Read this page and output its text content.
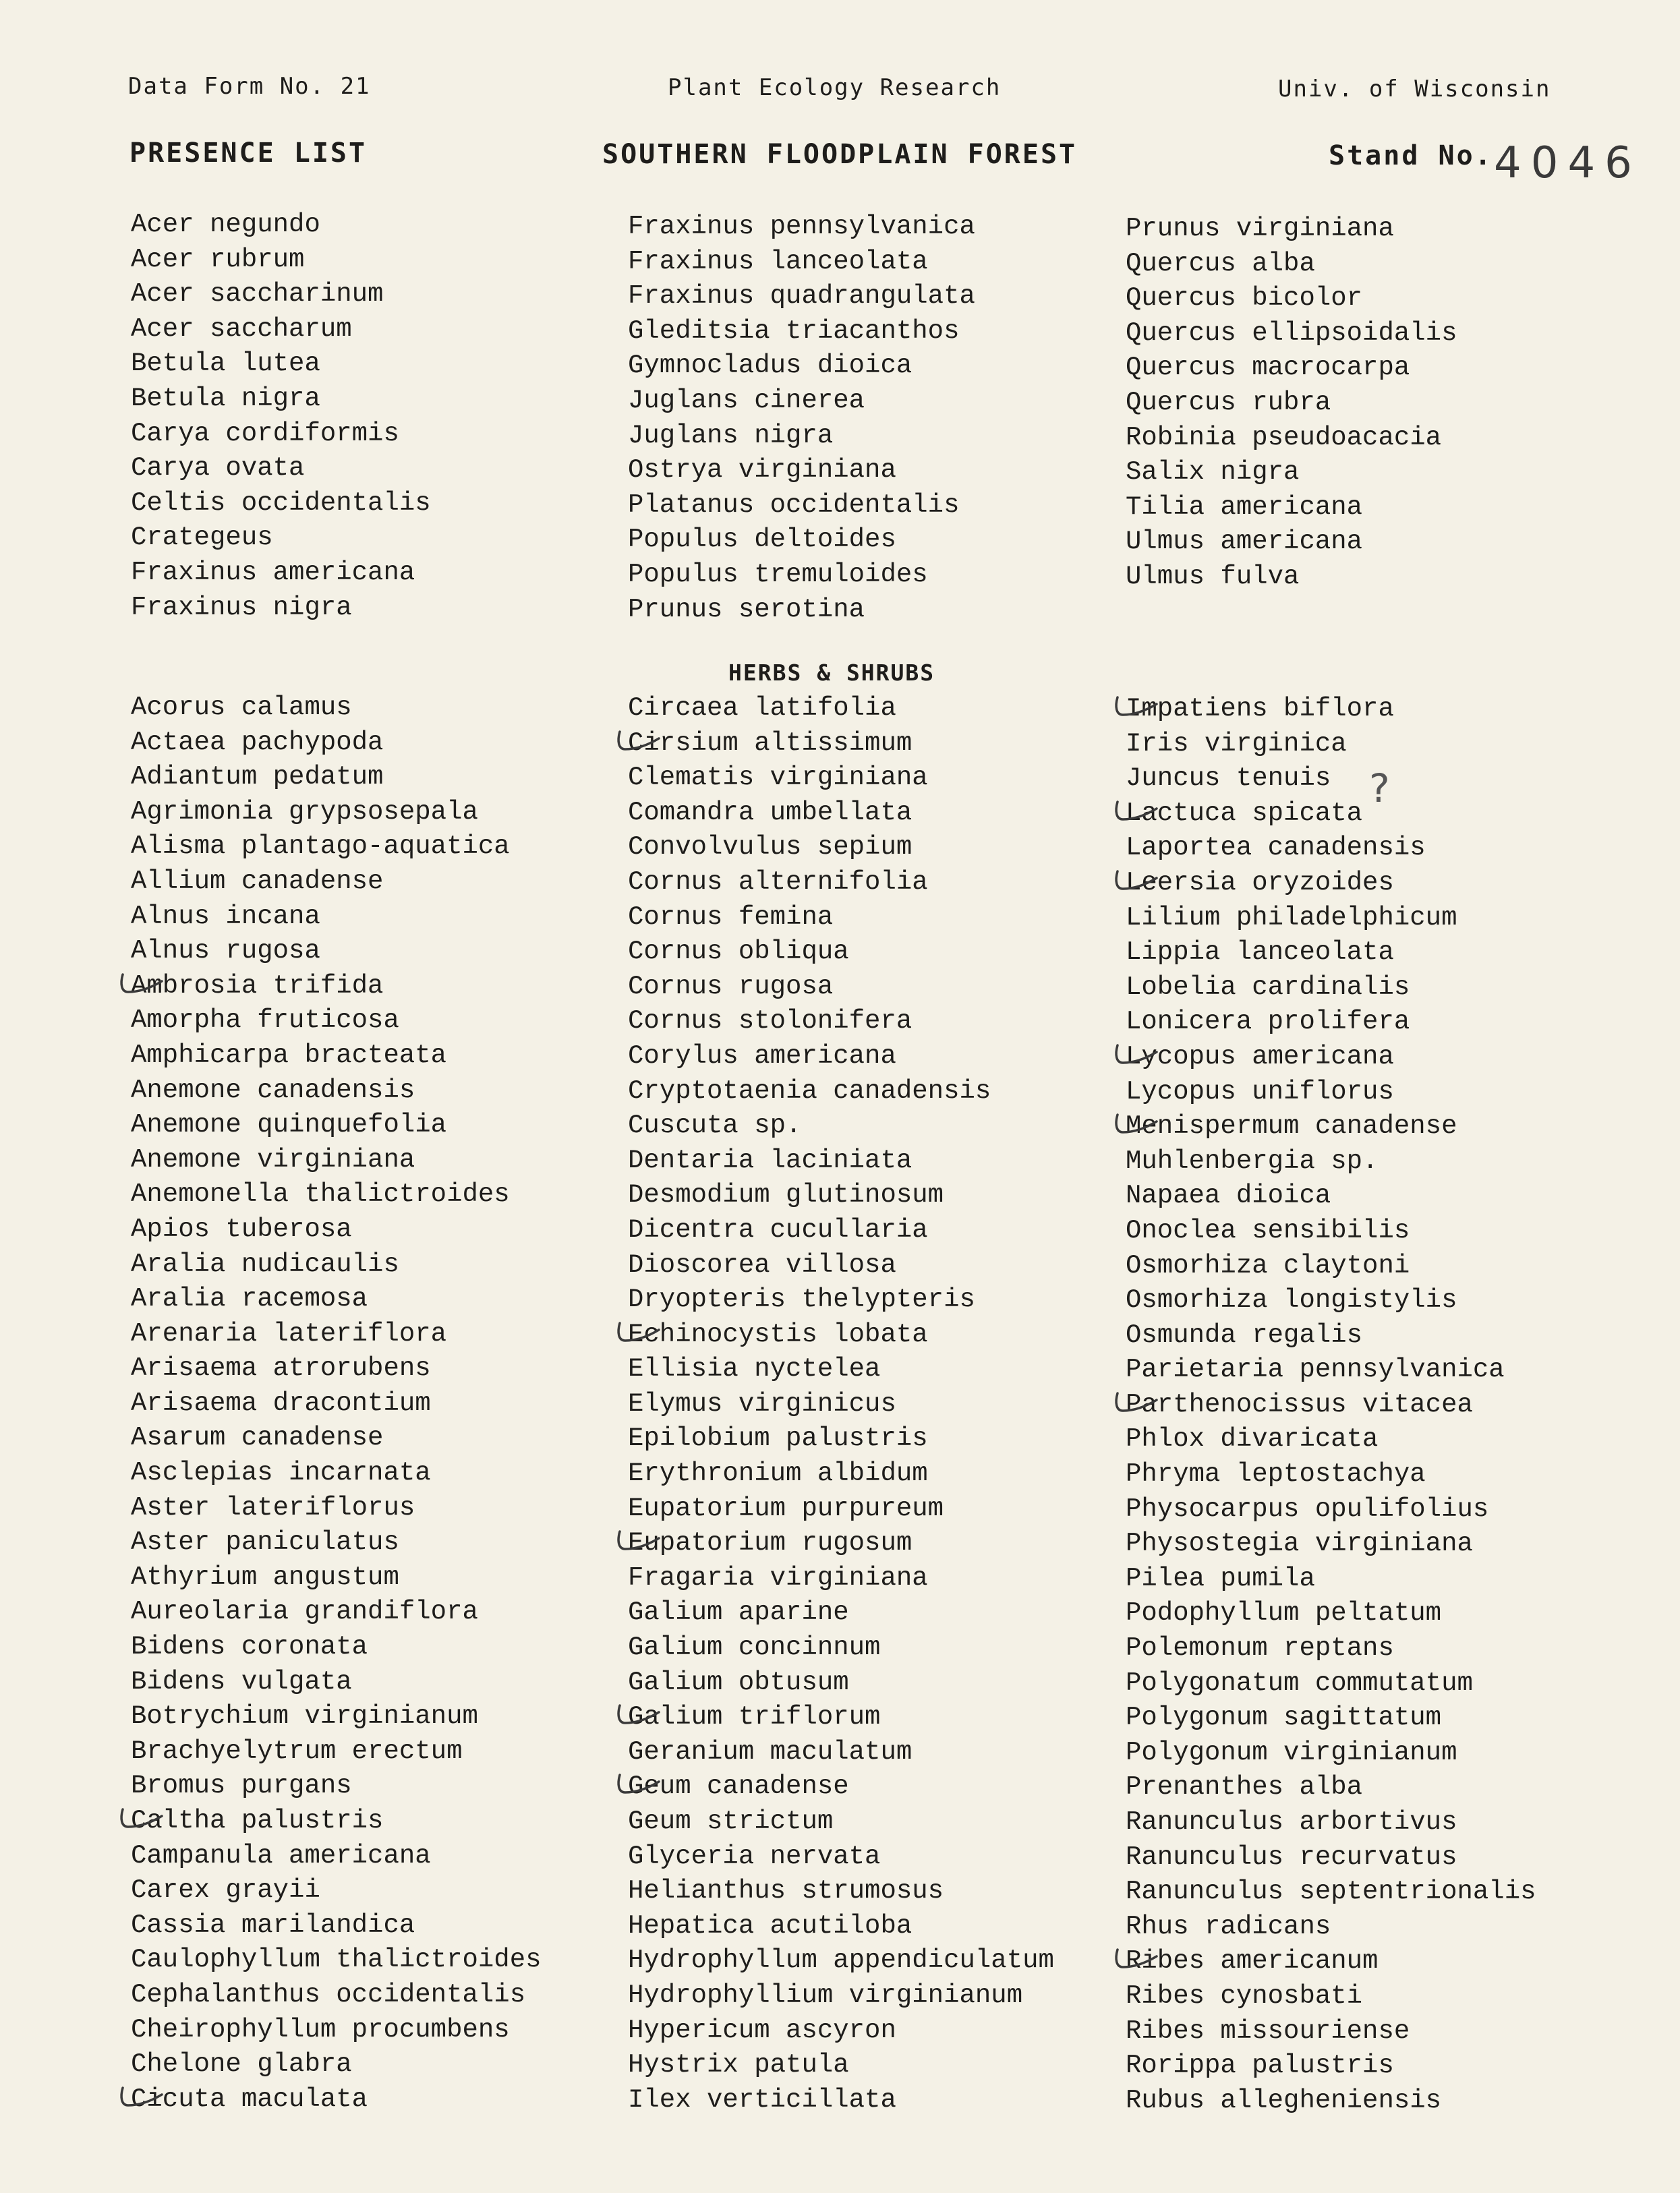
Data Form No. 21	Plant Ecology Research	Univ. of Wisconsin
PRESENCE LIST	SOUTHERN FLOODPLAIN FOREST	Stand No. 4046
Acer negundo
Acer rubrum
Acer saccharinum
Acer saccharum
Betula lutea
Betula nigra
Carya cordiformis
Carya ovata
Celtis occidentalis
Crategeus
Fraxinus americana
Fraxinus nigra
Fraxinus pennsylvanica
Fraxinus lanceolata
Fraxinus quadrangulata
Gleditsia triacanthos
Gymnocladus dioica
Juglans cinerea
Juglans nigra
Ostrya virginiana
Platanus occidentalis
Populus deltoides
Populus tremuloides
Prunus serotina
Prunus virginiana
Quercus alba
Quercus bicolor
Quercus ellipsoidalis
Quercus macrocarpa
Quercus rubra
Robinia pseudoacacia
Salix nigra
Tilia americana
Ulmus americana
Ulmus fulva
HERBS & SHRUBS
Acorus calamus
Actaea pachypoda
Adiantum pedatum
Agrimonia grypsosepala
Alisma plantago-aquatica
Allium canadense
Alnus incana
Alnus rugosa
Ambrosia trifida
Amorpha fruticosa
Amphicarpa bracteata
Anemone canadensis
Anemone quinquefolia
Anemone virginiana
Anemonella thalictroides
Apios tuberosa
Aralia nudicaulis
Aralia racemosa
Arenaria lateriflora
Arisaema atrorubens
Arisaema dracontium
Asarum canadense
Asclepias incarnata
Aster lateriflorus
Aster paniculatus
Athyrium angustum
Aureolaria grandiflora
Bidens coronata
Bidens vulgata
Botrychium virginianum
Brachyelytrum erectum
Bromus purgans
Caltha palustris
Campanula americana
Carex grayii
Cassia marilandica
Caulophyllum thalictroides
Cephalanthus occidentalis
Cheirophyllum procumbens
Chelone glabra
Cicuta maculata
Circaea latifolia
Cirsium altissimum
Clematis virginiana
Comandra umbellata
Convolvulus sepium
Cornus alternifolia
Cornus femina
Cornus obliqua
Cornus rugosa
Cornus stolonifera
Corylus americana
Cryptotaenia canadensis
Cuscuta sp.
Dentaria laciniata
Desmodium glutinosum
Dicentra cucullaria
Dioscorea villosa
Dryopteris thelypteris
Echinocystis lobata
Ellisia nyctelea
Elymus virginicus
Epilobium palustris
Erythronium albidum
Eupatorium purpureum
Eupatorium rugosum
Fragaria virginiana
Galium aparine
Galium concinnum
Galium obtusum
Galium triflorum
Geranium maculatum
Geum canadense
Geum strictum
Glyceria nervata
Helianthus strumosus
Hepatica acutiloba
Hydrophyllum appendiculatum
Hydrophyllium virginianum
Hypericum ascyron
Hystrix patula
Ilex verticillata
Impatiens biflora
Iris virginica
Juncus tenuis
Lactuca spicata
Laportea canadensis
Leersia oryzoides
Lilium philadelphicum
Lippia lanceolata
Lobelia cardinalis
Lonicera prolifera
Lycopus americana
Lycopus uniflorus
Menispermum canadense
Muhlenbergia sp.
Napaea dioica
Onoclea sensibilis
Osmorhiza claytoni
Osmorhiza longistylis
Osmunda regalis
Parietaria pennsylvanica
Parthenocissus vitacea
Phlox divaricata
Phryma leptostachya
Physocarpus opulifolius
Physostegia virginiana
Pilea pumila
Podophyllum peltatum
Polemonum reptans
Polygonatum commutatum
Polygonum sagittatum
Polygonum virginianum
Prenanthes alba
Ranunculus arbortivus
Ranunculus recurvatus
Ranunculus septentrionalis
Rhus radicans
Ribes americanum
Ribes cynosbati
Ribes missouriense
Rorippa palustris
Rubus allegheniensis
?
